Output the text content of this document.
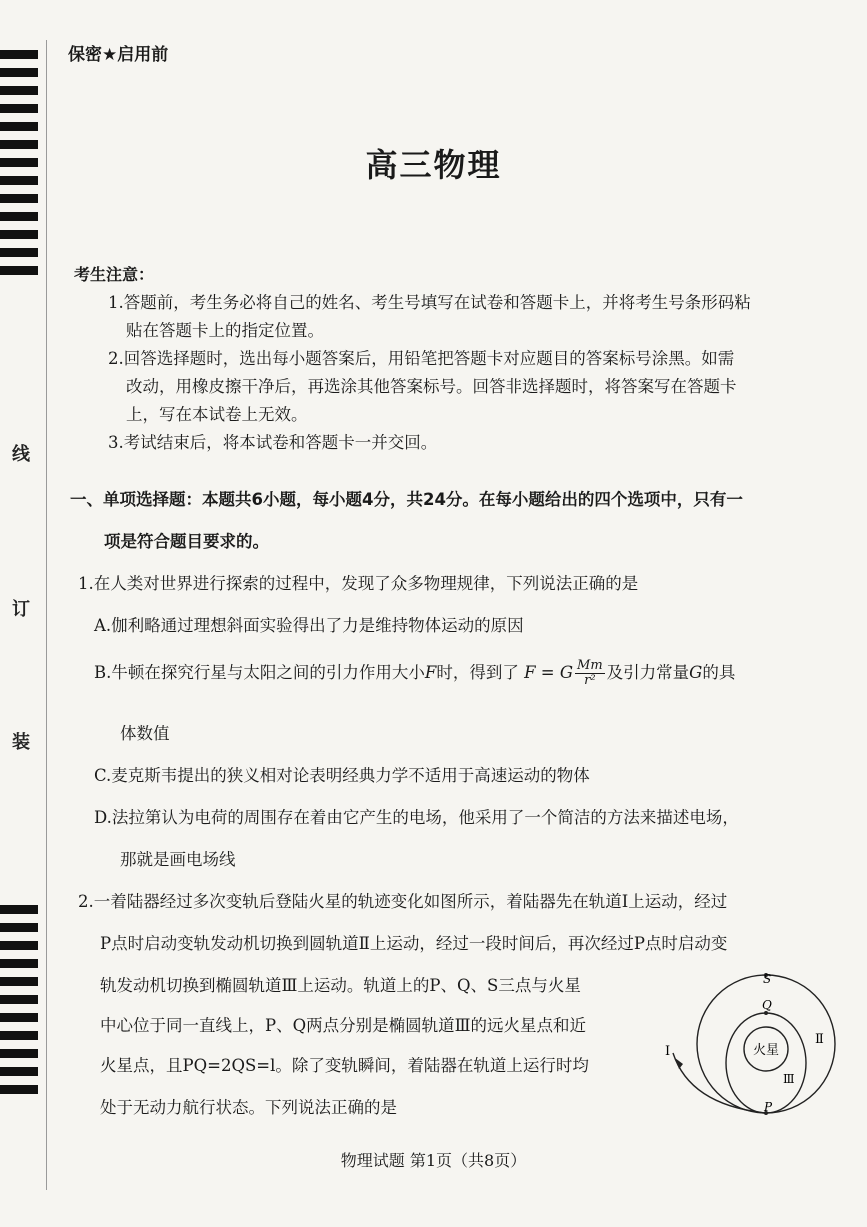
线
订
装
保密★启用前
高三物理
考生注意：
1.答题前，考生务必将自己的姓名、考生号填写在试卷和答题卡上，并将考生号条形码粘
贴在答题卡上的指定位置。
2.回答选择题时，选出每小题答案后，用铅笔把答题卡对应题目的答案标号涂黑。如需
改动，用橡皮擦干净后，再选涂其他答案标号。回答非选择题时，将答案写在答题卡
上，写在本试卷上无效。
3.考试结束后，将本试卷和答题卡一并交回。
一、单项选择题：本题共6小题，每小题4分，共24分。在每小题给出的四个选项中，只有一
项是符合题目要求的。
1.在人类对世界进行探索的过程中，发现了众多物理规律，下列说法正确的是
A.伽利略通过理想斜面实验得出了力是维持物体运动的原因
B.牛顿在探究行星与太阳之间的引力作用大小F时，得到了 F = G $\frac{Mm}{\text{r²}}$ 及引力常量G的具
体数值
C.麦克斯韦提出的狭义相对论表明经典力学不适用于高速运动的物体
D.法拉第认为电荷的周围存在着由它产生的电场，他采用了一个简洁的方法来描述电场，
那就是画电场线
2.一着陆器经过多次变轨后登陆火星的轨迹变化如图所示，着陆器先在轨道Ⅰ上运动，经过
P点时启动变轨发动机切换到圆轨道Ⅱ上运动，经过一段时间后，再次经过P点时启动变
轨发动机切换到椭圆轨道Ⅲ上运动。轨道上的P、Q、S三点与火星
中心位于同一直线上，P、Q两点分别是椭圆轨道Ⅲ的远火星点和近
火星点，且PQ=2QS=l。除了变轨瞬间，着陆器在轨道上运行时均
处于无动力航行状态。下列说法正确的是
火星
S
Q
P
Ⅰ
Ⅱ
Ⅲ
物理试题 第1页（共8页）
